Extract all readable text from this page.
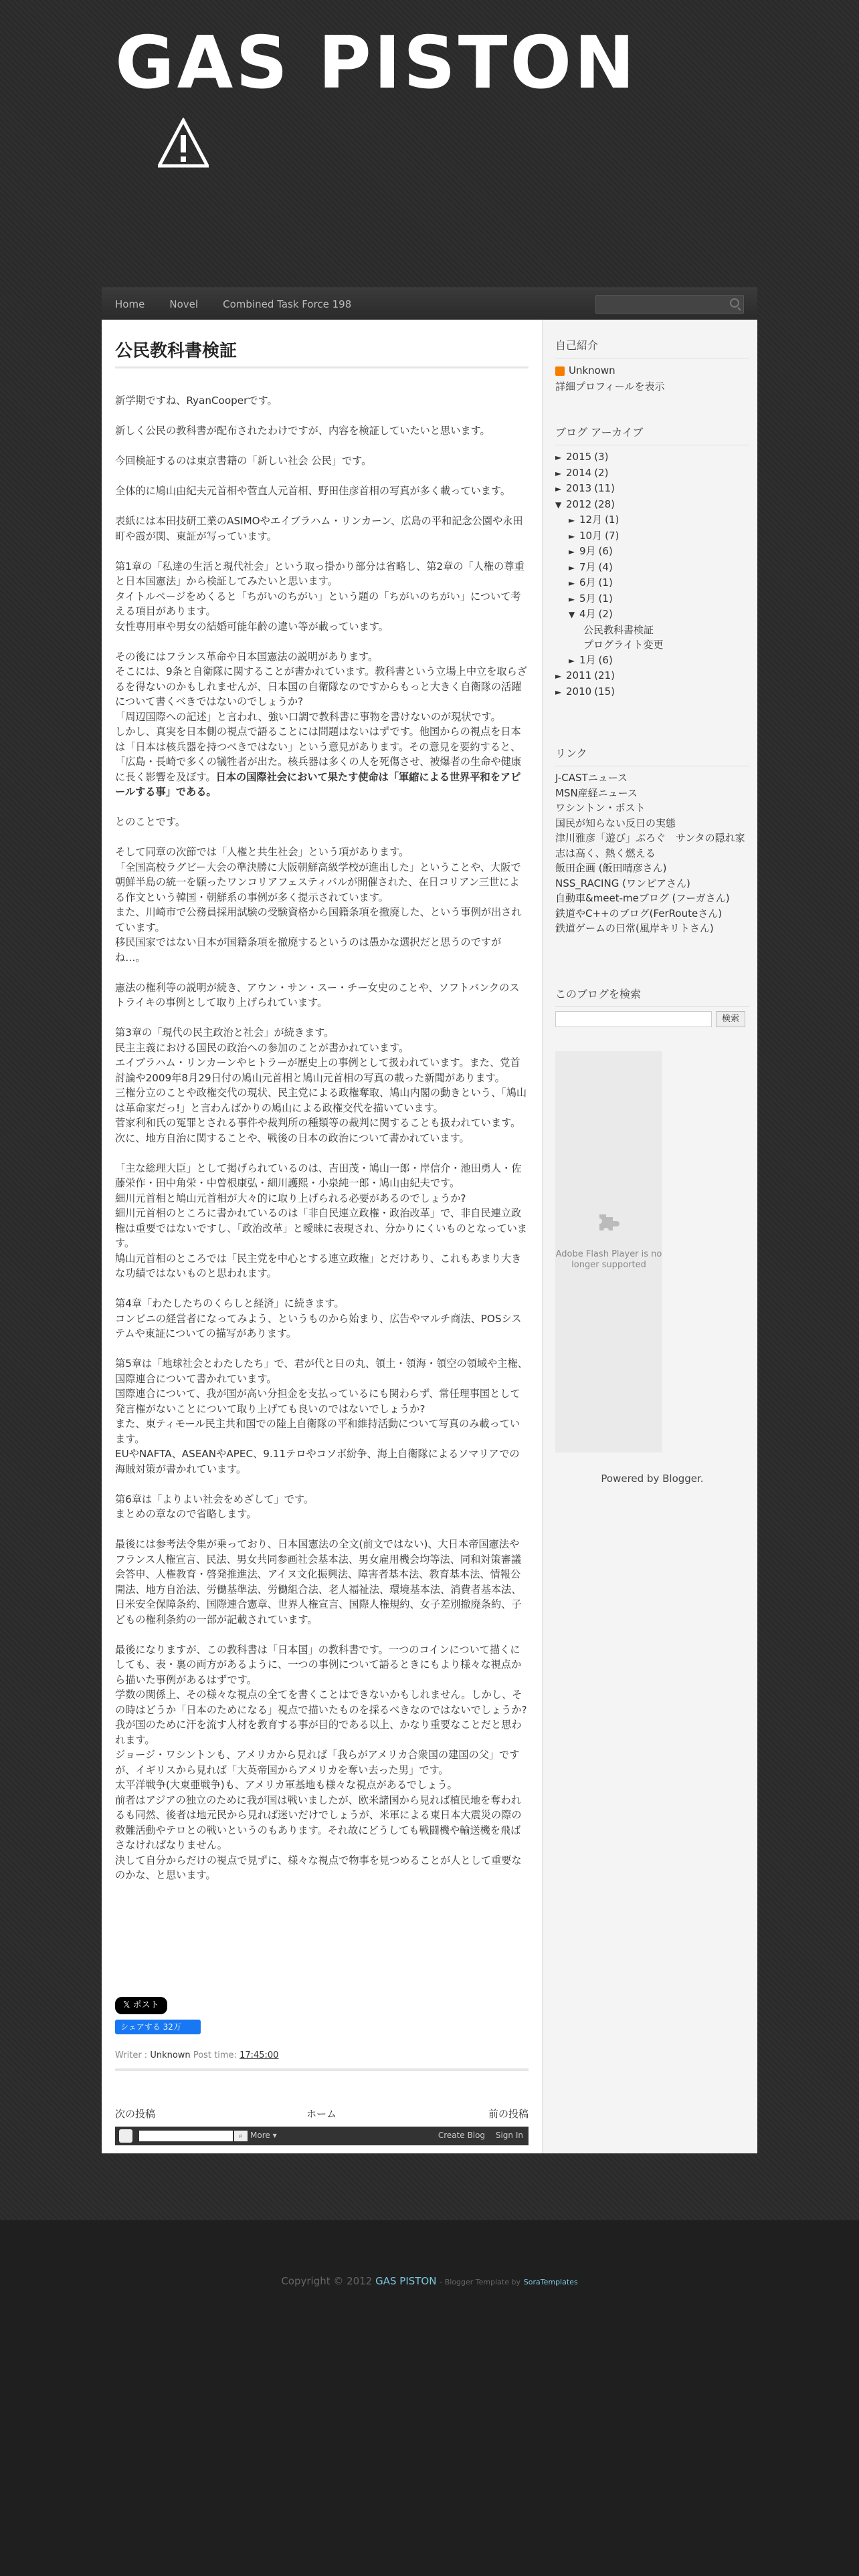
GAS PISTON
Home Novel Combined Task Force 198
公民教科書検証

新学期ですね、RyanCooperです。

新しく公民の教科書が配布されたわけですが、内容を検証していたいと思います。

今回検証するのは東京書籍の「新しい社会 公民」です。

全体的に鳩山由紀夫元首相や菅直人元首相、野田佳彦首相の写真が多く載っています。

表紙には本田技研工業のASIMOやエイブラハム・リンカーン、広島の平和記念公園や永田町や霞が関、東証が写っています。

第1章の「私達の生活と現代社会」という取っ掛かり部分は省略し、第2章の「人権の尊重と日本国憲法」から検証してみたいと思います。
タイトルページをめくると「ちがいのちがい」という題の「ちがいのちがい」について考える項目があります。
女性専用車や男女の結婚可能年齢の違い等が載っています。

その後にはフランス革命や日本国憲法の説明があります。
そこには、9条と自衛隊に関することが書かれています。教科書という立場上中立を取らざるを得ないのかもしれませんが、日本国の自衛隊なのですからもっと大きく自衛隊の活躍について書くべきではないのでしょうか?
「周辺国際への記述」と言われ、強い口調で教科書に事物を書けないのが現状です。
しかし、真実を日本側の視点で語ることには問題はないはずです。他国からの視点を日本は「日本は核兵器を持つべきではない」という意見があります。その意見を要約すると、「広島・長崎で多くの犠牲者が出た。核兵器は多くの人を死傷させ、被爆者の生命や健康に長く影響を及ぼす。日本の国際社会において果たす使命は「軍縮による世界平和をアピールする事」である。

とのことです。

そして同章の次節では「人権と共生社会」という項があります。
「全国高校ラグビー大会の準決勝に大阪朝鮮高級学校が進出した」ということや、大阪で
朝鮮半島の統一を願ったワンコリアフェスティバルが開催された、在日コリアン三世による作文という韓国・朝鮮系の事例が多く提示されています。
また、川崎市で公務員採用試験の受験資格から国籍条項を撤廃した、という事例が出されています。
移民国家ではない日本が国籍条項を撤廃するというのは愚かな選択だと思うのですがね…。

憲法の権利等の説明が続き、アウン・サン・スー・チー女史のことや、ソフトバンクのストライキの事例として取り上げられています。

第3章の「現代の民主政治と社会」が続きます。
民主主義における国民の政治への参加のことが書かれています。
エイブラハム・リンカーンやヒトラーが歴史上の事例として扱われています。また、党首討論や2009年8月29日付の鳩山元首相と鳩山元首相の写真の載った新聞があります。
三権分立のことや政権交代の現状、民主党による政権奪取、鳩山内閣の動きという、「鳩山は革命家だっ!」と言わんばかりの鳩山による政権交代を描いています。
菅家利和氏の冤罪とされる事件や裁判所の種類等の裁判に関することも扱われています。
次に、地方自治に関することや、戦後の日本の政治について書かれています。

「主な総理大臣」として掲げられているのは、吉田茂・鳩山一郎・岸信介・池田勇人・佐藤栄作・田中角栄・中曽根康弘・細川護熙・小泉純一郎・鳩山由紀夫です。
細川元首相と鳩山元首相が大々的に取り上げられる必要があるのでしょうか?
細川元首相のところに書かれているのは「非自民連立政権・政治改革」で、非自民連立政権は重要ではないですし、「政治改革」と曖昧に表現され、分かりにくいものとなっています。
鳩山元首相のところでは「民主党を中心とする連立政権」とだけあり、これもあまり大きな功績ではないものと思われます。

第4章「わたしたちのくらしと経済」に続きます。
コンビニの経営者になってみよう、というものから始まり、広告やマルチ商法、POSシステムや東証についての描写があります。

第5章は「地球社会とわたしたち」で、君が代と日の丸、領土・領海・領空の領域や主権、国際連合について書かれています。
国際連合について、我が国が高い分担金を支払っているにも関わらず、常任理事国として発言権がないことについて取り上げても良いのではないでしょうか?
また、東ティモール民主共和国での陸上自衛隊の平和維持活動について写真のみ載っています。
EUやNAFTA、ASEANやAPEC、9.11テロやコソボ紛争、海上自衛隊によるソマリアでの海賊対策が書かれています。

第6章は「よりよい社会をめざして」です。
まとめの章なので省略します。

最後には参考法令集が乗っており、日本国憲法の全文(前文ではない)、大日本帝国憲法やフランス人権宣言、民法、男女共同参画社会基本法、男女雇用機会均等法、同和対策審議会答申、人権教育・啓発推進法、アイヌ文化振興法、障害者基本法、教育基本法、情報公開法、地方自治法、労働基準法、労働組合法、老人福祉法、環境基本法、消費者基本法、日米安全保障条約、国際連合憲章、世界人権宣言、国際人権規約、女子差別撤廃条約、子どもの権利条約の一部が記載されています。

最後になりますが、この教科書は「日本国」の教科書です。一つのコインについて描くにしても、表・裏の両方があるように、一つの事例について語るときにもより様々な視点から描いた事例があるはずです。
学数の関係上、その様々な視点の全てを書くことはできないかもしれません。しかし、その時はどうか「日本のためになる」視点で描いたものを採るべきなのではないでしょうか?
我が国のために汗を流す人材を教育する事が目的である以上、かなり重要なことだと思われます。
ジョージ・ワシントンも、アメリカから見れば「我らがアメリカ合衆国の建国の父」ですが、イギリスから見れば「大英帝国からアメリカを奪い去った男」です。
太平洋戦争(大東亜戦争)も、アメリカ軍基地も様々な視点があるでしょう。
前者はアジアの独立のために我が国は戦いましたが、欧米諸国から見れば植民地を奪われるも同然、後者は地元民から見れば迷いだけでしょうが、米軍による東日本大震災の際の救難活動やテロとの戦いというのもあります。それ故にどうしても戦闘機や輸送機を飛ばさなければなりません。
決して自分からだけの視点で見ずに、様々な視点で物事を見つめることが人として重要なのかな、と思います。

𝕏 ポスト
シェアする 32万
Writer : Unknown Post time: 17:45:00
次の投稿	ホーム	前の投稿
⌕ More ▾	Create Blog Sign In
自己紹介
Unknown
詳細プロフィールを表示
ブログ アーカイブ
► 2015 (3)
► 2014 (2)
► 2013 (11)
▼ 2012 (28)
► 12月 (1)
► 10月 (7)
► 9月 (6)
► 7月 (4)
► 6月 (1)
► 5月 (1)
▼ 4月 (2)
公民教科書検証
プログライト変更
► 1月 (6)
► 2011 (21)
► 2010 (15)
リンク
J-CASTニュース
MSN産経ニュース
ワシントン・ポスト
国民が知らない反日の実態
津川雅彦「遊び」ぶろぐ　サンタの隠れ家
志は高く、熱く燃える
飯田企画 (飯田晴彦さん)
NSS_RACING (ワンピアさん)
自動車&meet-meブログ (フーガさん)
鉄道やC++のブログ(FerRouteさん)
鉄道ゲームの日常(風岸キリトさん)
このブログを検索
検索
Adobe Flash Player is no longer supported
Powered by Blogger.
Copyright © 2012 GAS PISTON - Blogger Template by SoraTemplates
